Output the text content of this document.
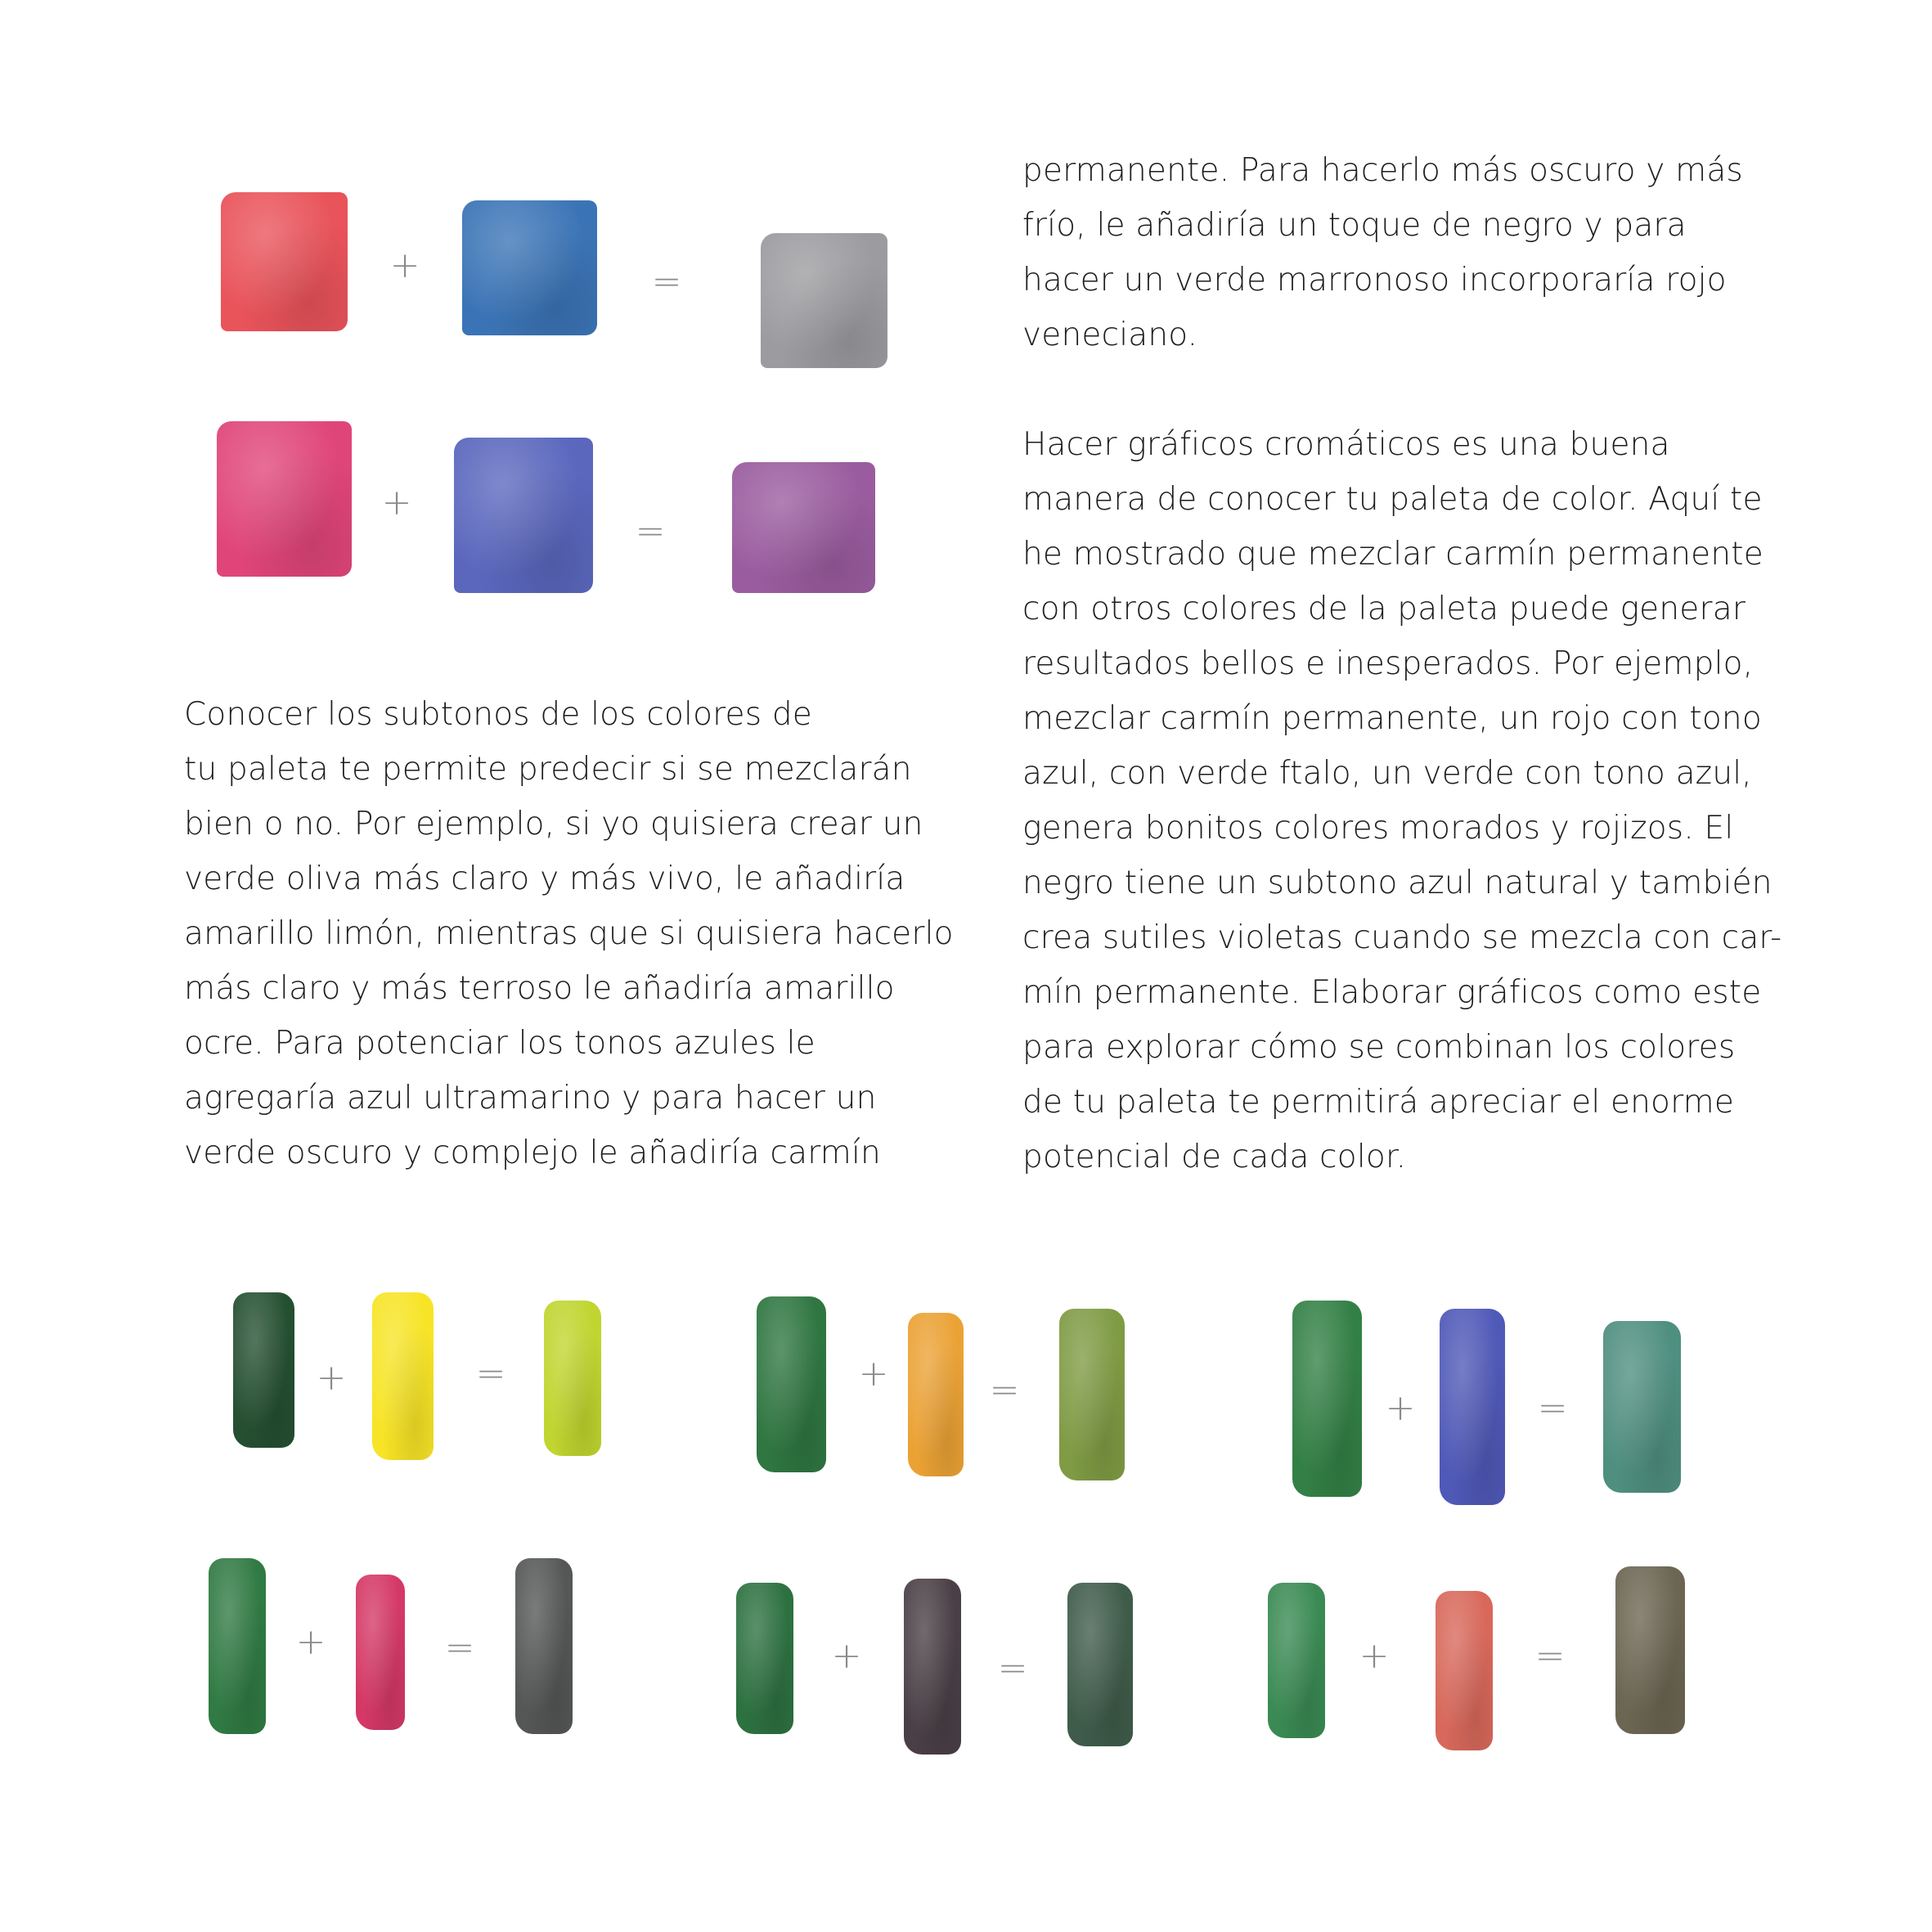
Conocer los subtonos de los colores de
tu paleta te permite predecir si se mezclarán
bien o no. Por ejemplo, si yo quisiera crear un
verde oliva más claro y más vivo, le añadiría
amarillo limón, mientras que si quisiera hacerlo
más claro y más terroso le añadiría amarillo
ocre. Para potenciar los tonos azules le
agregaría azul ultramarino y para hacer un
verde oscuro y complejo le añadiría carmín
permanente. Para hacerlo más oscuro y más
frío, le añadiría un toque de negro y para
hacer un verde marronoso incorporaría rojo
veneciano.
Hacer gráficos cromáticos es una buena
manera de conocer tu paleta de color. Aquí te
he mostrado que mezclar carmín permanente
con otros colores de la paleta puede generar
resultados bellos e inesperados. Por ejemplo,
mezclar carmín permanente, un rojo con tono
azul, con verde ftalo, un verde con tono azul,
genera bonitos colores morados y rojizos. El
negro tiene un subtono azul natural y también
crea sutiles violetas cuando se mezcla con car-
mín permanente. Elaborar gráficos como este
para explorar cómo se combinan los colores
de tu paleta te permitirá apreciar el enorme
potencial de cada color.
+	=
+
=
+	=	+	=	+	=
+	=	+	=	+	=
